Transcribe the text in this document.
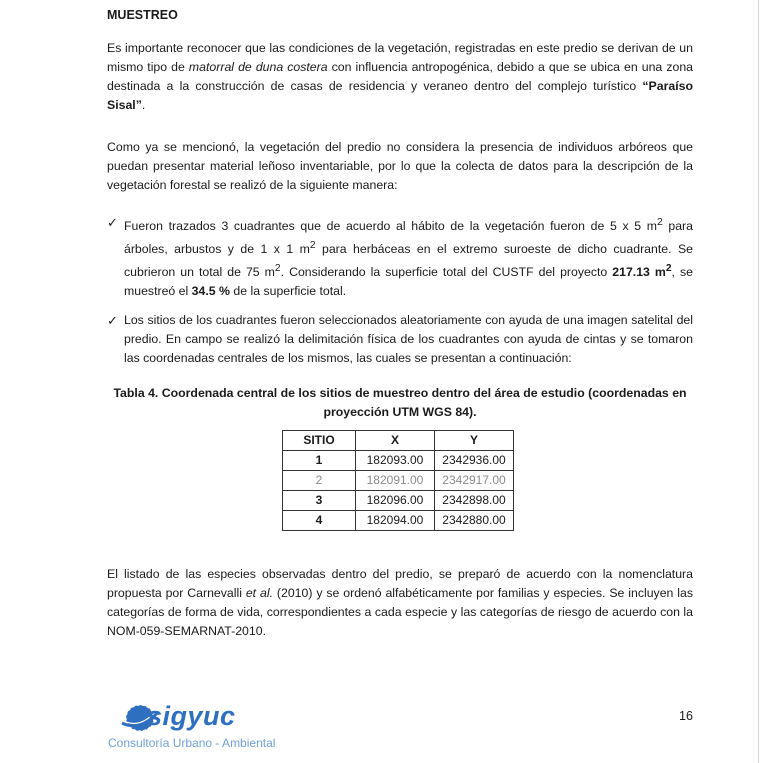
MUESTREO
Es importante reconocer que las condiciones de la vegetación, registradas en este predio se derivan de un mismo tipo de matorral de duna costera con influencia antropogénica, debido a que se ubica en una zona destinada a la construcción de casas de residencia y veraneo dentro del complejo turístico “Paraíso Sisal”.
Como ya se mencionó, la vegetación del predio no considera la presencia de individuos arbóreos que puedan presentar material leñoso inventariable, por lo que la colecta de datos para la descripción de la vegetación forestal se realizó de la siguiente manera:
✓ Fueron trazados 3 cuadrantes que de acuerdo al hábito de la vegetación fueron de 5 x 5 $m^2$ para árboles, arbustos y de 1 x 1 $m^2$ para herbáceas en el extremo suroeste de dicho cuadrante. Se cubrieron un total de 75 $m^2$. Considerando la superficie total del CUSTF del proyecto 217.13 $m^2$, se muestreó el 34.5 % de la superficie total.
✓ Los sitios de los cuadrantes fueron seleccionados aleatoriamente con ayuda de una imagen satelital del predio. En campo se realizó la delimitación física de los cuadrantes con ayuda de cintas y se tomaron las coordenadas centrales de los mismos, las cuales se presentan a continuación:
Tabla 4. Coordenada central de los sitios de muestreo dentro del área de estudio (coordenadas en
proyección UTM WGS 84).
SITIO	X	Y
1	182093.00	2342936.00
2	182091.00	2342917.00
3	182096.00	2342898.00
4	182094.00	2342880.00
El listado de las especies observadas dentro del predio, se preparó de acuerdo con la nomenclatura propuesta por Carnevalli et al. (2010) y se ordenó alfabéticamente por familias y especies. Se incluyen las categorías de forma de vida, correspondientes a cada especie y las categorías de riesgo de acuerdo con la NOM-059-SEMARNAT-2010.
sigyuc
Consultoría Urbano - Ambiental
16
